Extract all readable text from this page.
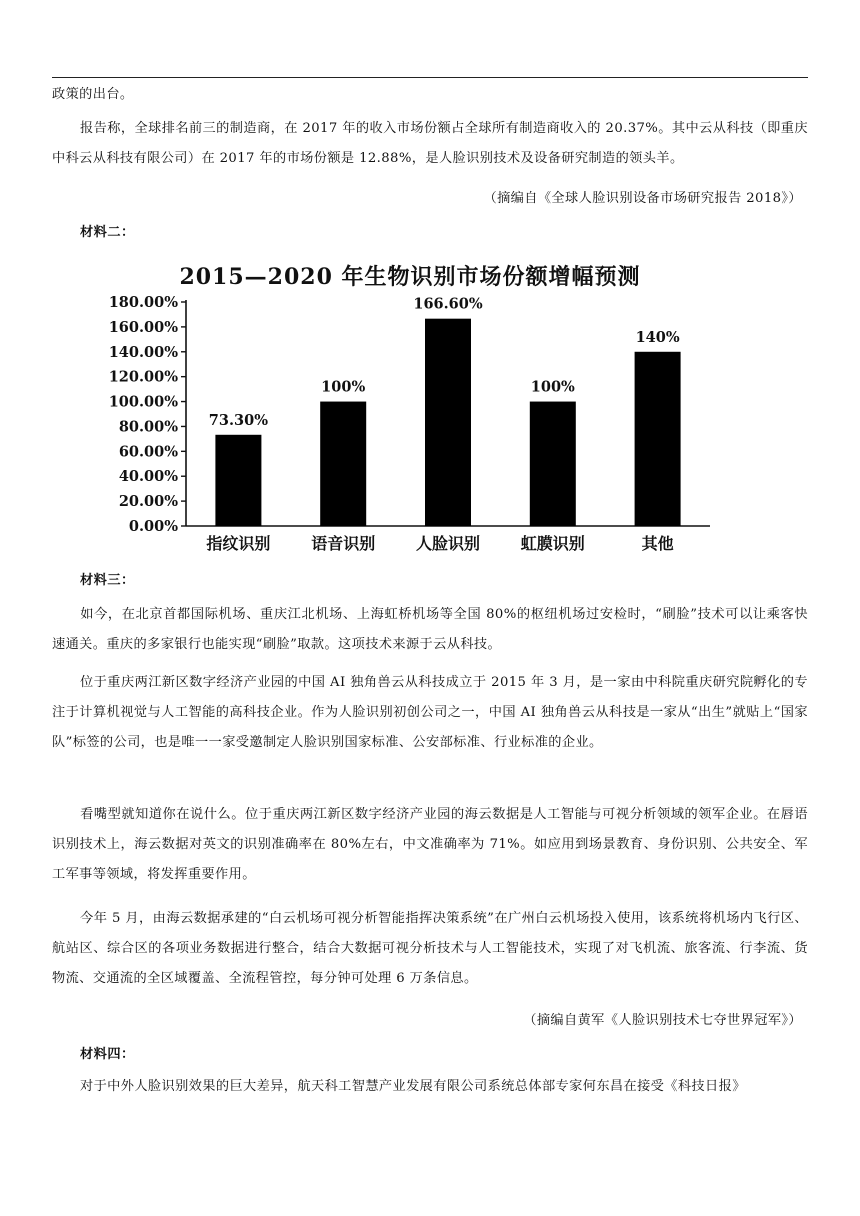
政策的出台。

报告称，全球排名前三的制造商，在 2017 年的收入市场份额占全球所有制造商收入的 20.37%。其中云从科技（即重庆中科云从科技有限公司）在 2017 年的市场份额是 12.88%，是人脸识别技术及设备研究制造的领头羊。

（摘编自《全球人脸识别设备市场研究报告 2018》）
材料二：
2015—2020 年生物识别市场份额增幅预测
0.00%
20.00%
40.00%
60.00%
80.00%
100.00%
120.00%
140.00%
160.00%
180.00%
73.30%
指纹识别
100%
语音识别
166.60%
人脸识别
100%
虹膜识别
140%
其他
材料三：

如今，在北京首都国际机场、重庆江北机场、上海虹桥机场等全国 80%的枢纽机场过安检时，“刷脸”技术可以让乘客快速通关。重庆的多家银行也能实现“刷脸”取款。这项技术来源于云从科技。

位于重庆两江新区数字经济产业园的中国 AI 独角兽云从科技成立于 2015 年 3 月，是一家由中科院重庆研究院孵化的专注于计算机视觉与人工智能的高科技企业。作为人脸识别初创公司之一，中国 AI 独角兽云从科技是一家从“出生”就贴上“国家队”标签的公司，也是唯一一家受邀制定人脸识别国家标准、公安部标准、行业标准的企业。

看嘴型就知道你在说什么。位于重庆两江新区数字经济产业园的海云数据是人工智能与可视分析领域的领军企业。在唇语识别技术上，海云数据对英文的识别准确率在 80%左右，中文准确率为 71%。如应用到场景教育、身份识别、公共安全、军工军事等领域，将发挥重要作用。

今年 5 月，由海云数据承建的“白云机场可视分析智能指挥决策系统”在广州白云机场投入使用，该系统将机场内飞行区、航站区、综合区的各项业务数据进行整合，结合大数据可视分析技术与人工智能技术，实现了对飞机流、旅客流、行李流、货物流、交通流的全区域覆盖、全流程管控，每分钟可处理 6 万条信息。

（摘编自黄军《人脸识别技术七夺世界冠军》）
材料四：

对于中外人脸识别效果的巨大差异，航天科工智慧产业发展有限公司系统总体部专家何东昌在接受《科技日报》
